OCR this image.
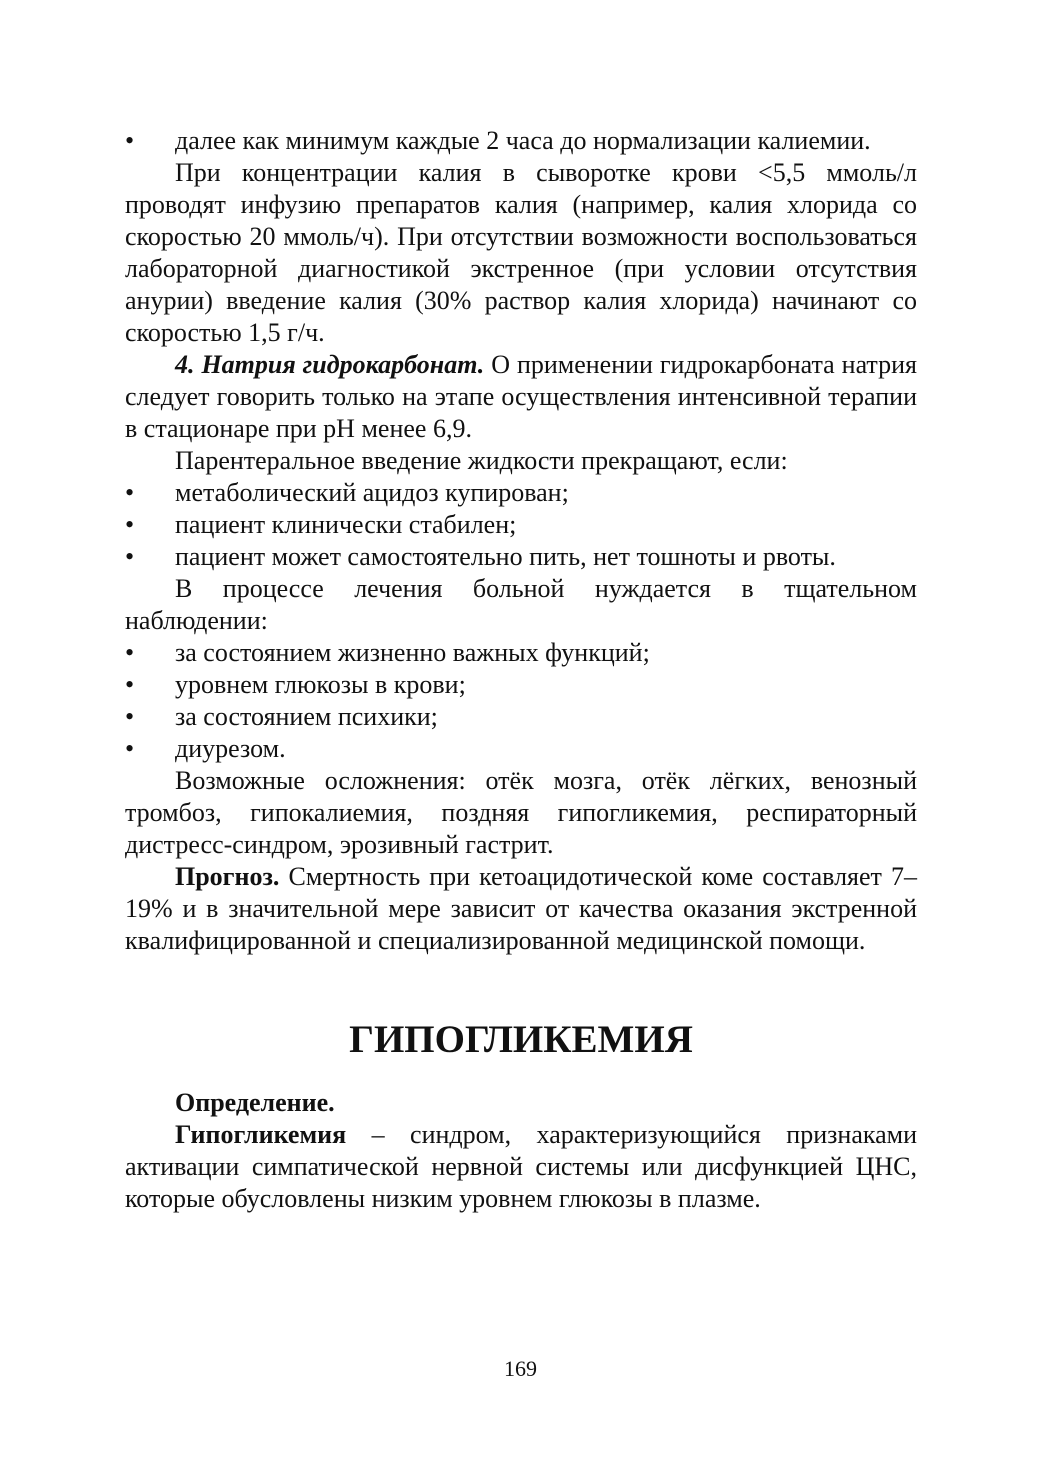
• далее как минимум каждые 2 часа до нормализации калиемии.

При концентрации калия в сыворотке крови <5,5 ммоль/л проводят инфузию препаратов калия (например, калия хлорида со скоростью 20 ммоль/ч). При отсутствии возможности воспользоваться лабораторной диагностикой экстренное (при условии отсутствия анурии) введение калия (30% раствор калия хлорида) начинают со скоростью 1,5 г/ч.

4. Натрия гидрокарбонат. О применении гидрокарбоната натрия следует говорить только на этапе осуществления интенсивной терапии в стационаре при pH менее 6,9.

Парентеральное введение жидкости прекращают, если:

• метаболический ацидоз купирован;

• пациент клинически стабилен;

• пациент может самостоятельно пить, нет тошноты и рвоты.

В процессе лечения больной нуждается в тщательном наблюдении:

• за состоянием жизненно важных функций;

• уровнем глюкозы в крови;

• за состоянием психики;

• диурезом.

Возможные осложнения: отёк мозга, отёк лёгких, венозный тромбоз, гипокалиемия, поздняя гипогликемия, респираторный дистресс-синдром, эрозивный гастрит.

Прогноз. Смертность при кетоацидотической коме составляет 7–19% и в значительной мере зависит от качества оказания экстренной квалифицированной и специализированной медицинской помощи.

ГИПОГЛИКЕМИЯ

Определение.

Гипогликемия – синдром, характеризующийся признаками активации симпатической нервной системы или дисфункцией ЦНС, которые обусловлены низким уровнем глюкозы в плазме.

169
